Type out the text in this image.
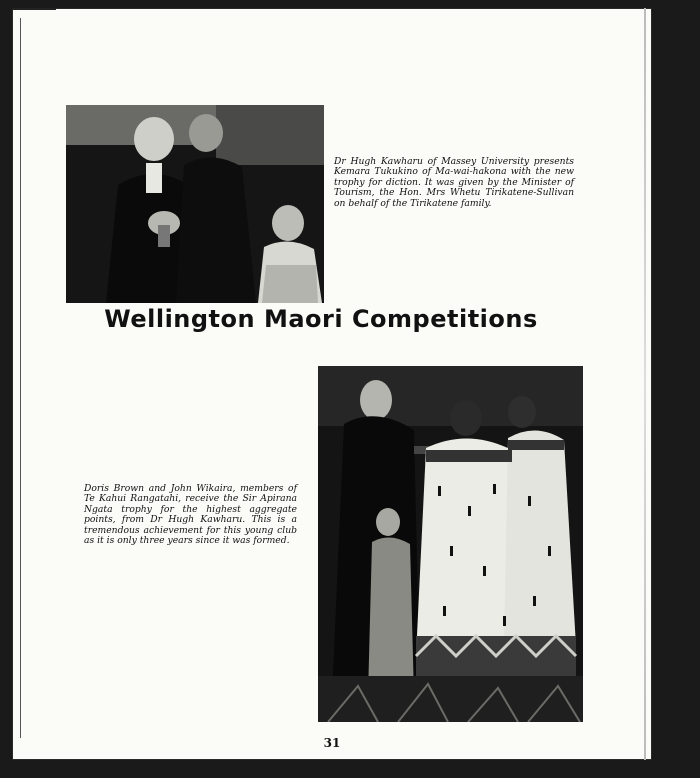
Dr Hugh Kawharu of Massey University presents Kemara Tukukino of Ma-wai-hakona with the new trophy for diction. It was given by the Minister of Tourism, the Hon. Mrs Whetu Tirikatene-Sullivan on behalf of the Tirikatene family.
Wellington Maori Competitions
Doris Brown and John Wikaira, members of Te Kahui Rangatahi, receive the Sir Apirana Ngata trophy for the highest aggregate points, from Dr Hugh Kawharu. This is a tremendous achievement for this young club as it is only three years since it was formed.
31
